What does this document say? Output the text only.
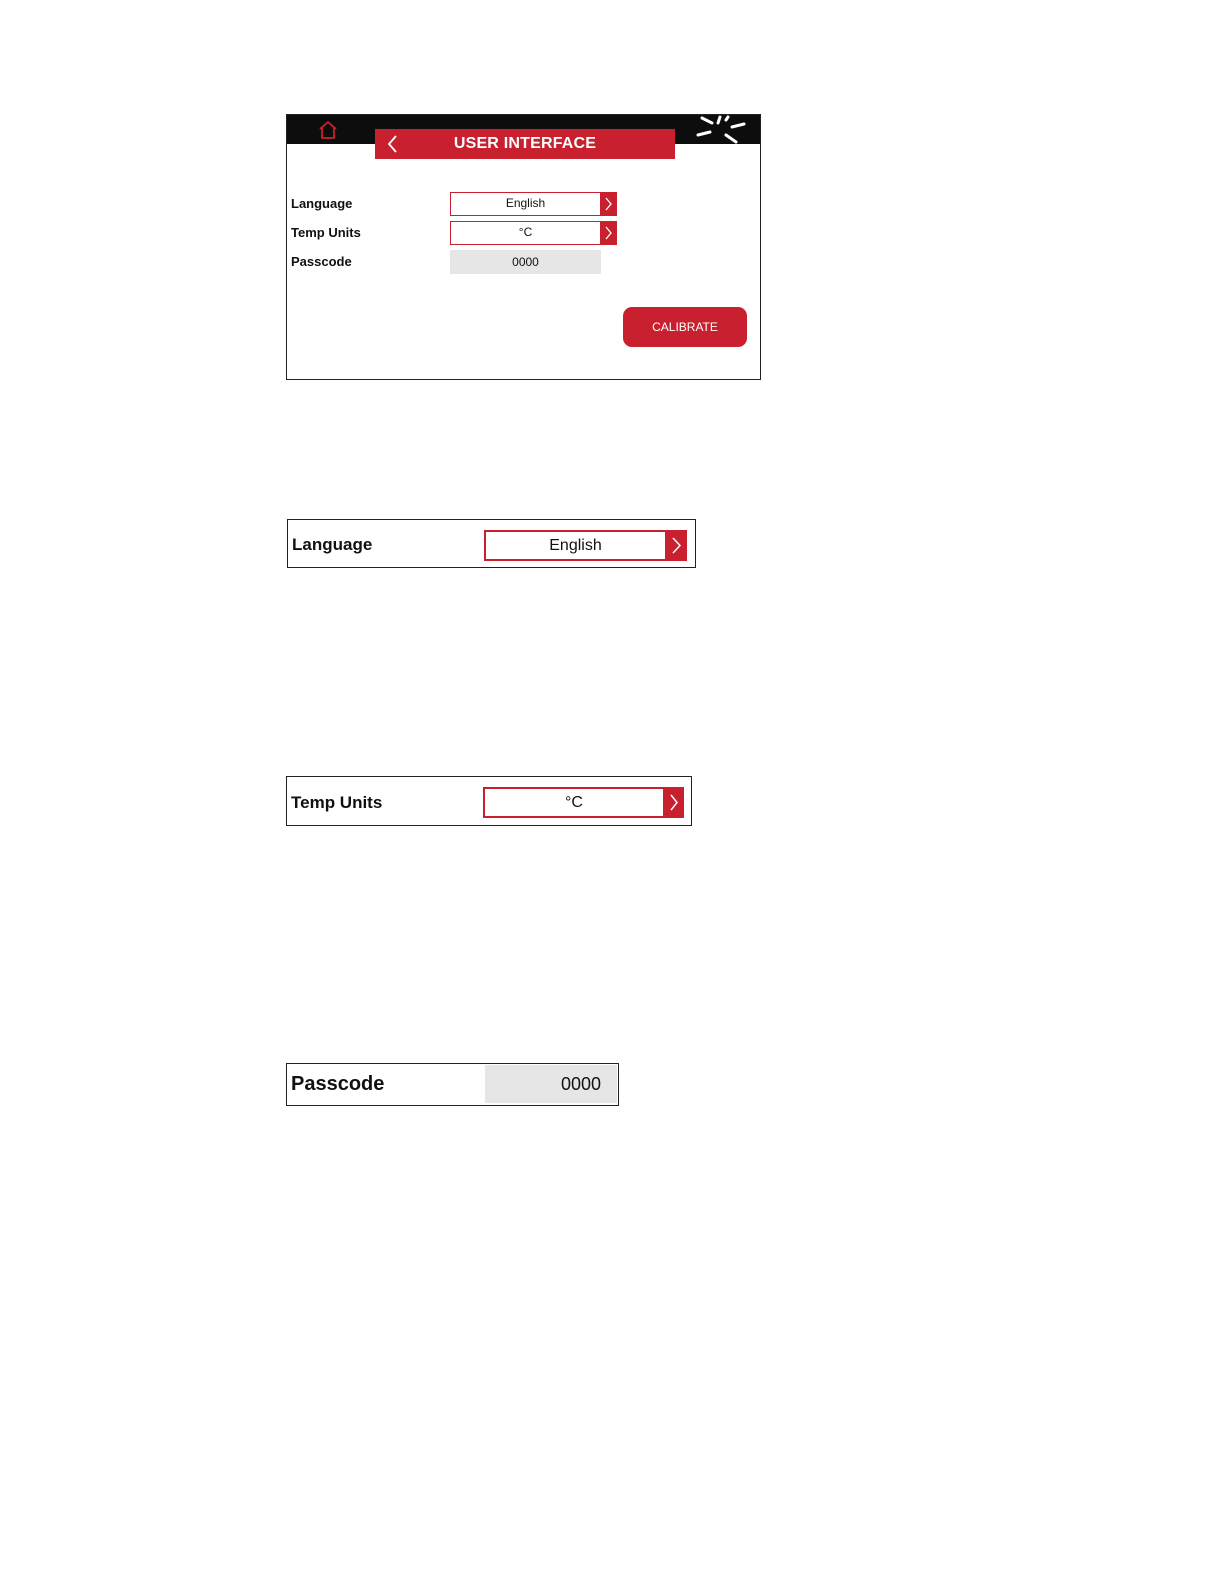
USER INTERFACE
Language	English
Temp Units	°C
Passcode	0000
CALIBRATE
Language	English
Temp Units	°C
Passcode	0000
